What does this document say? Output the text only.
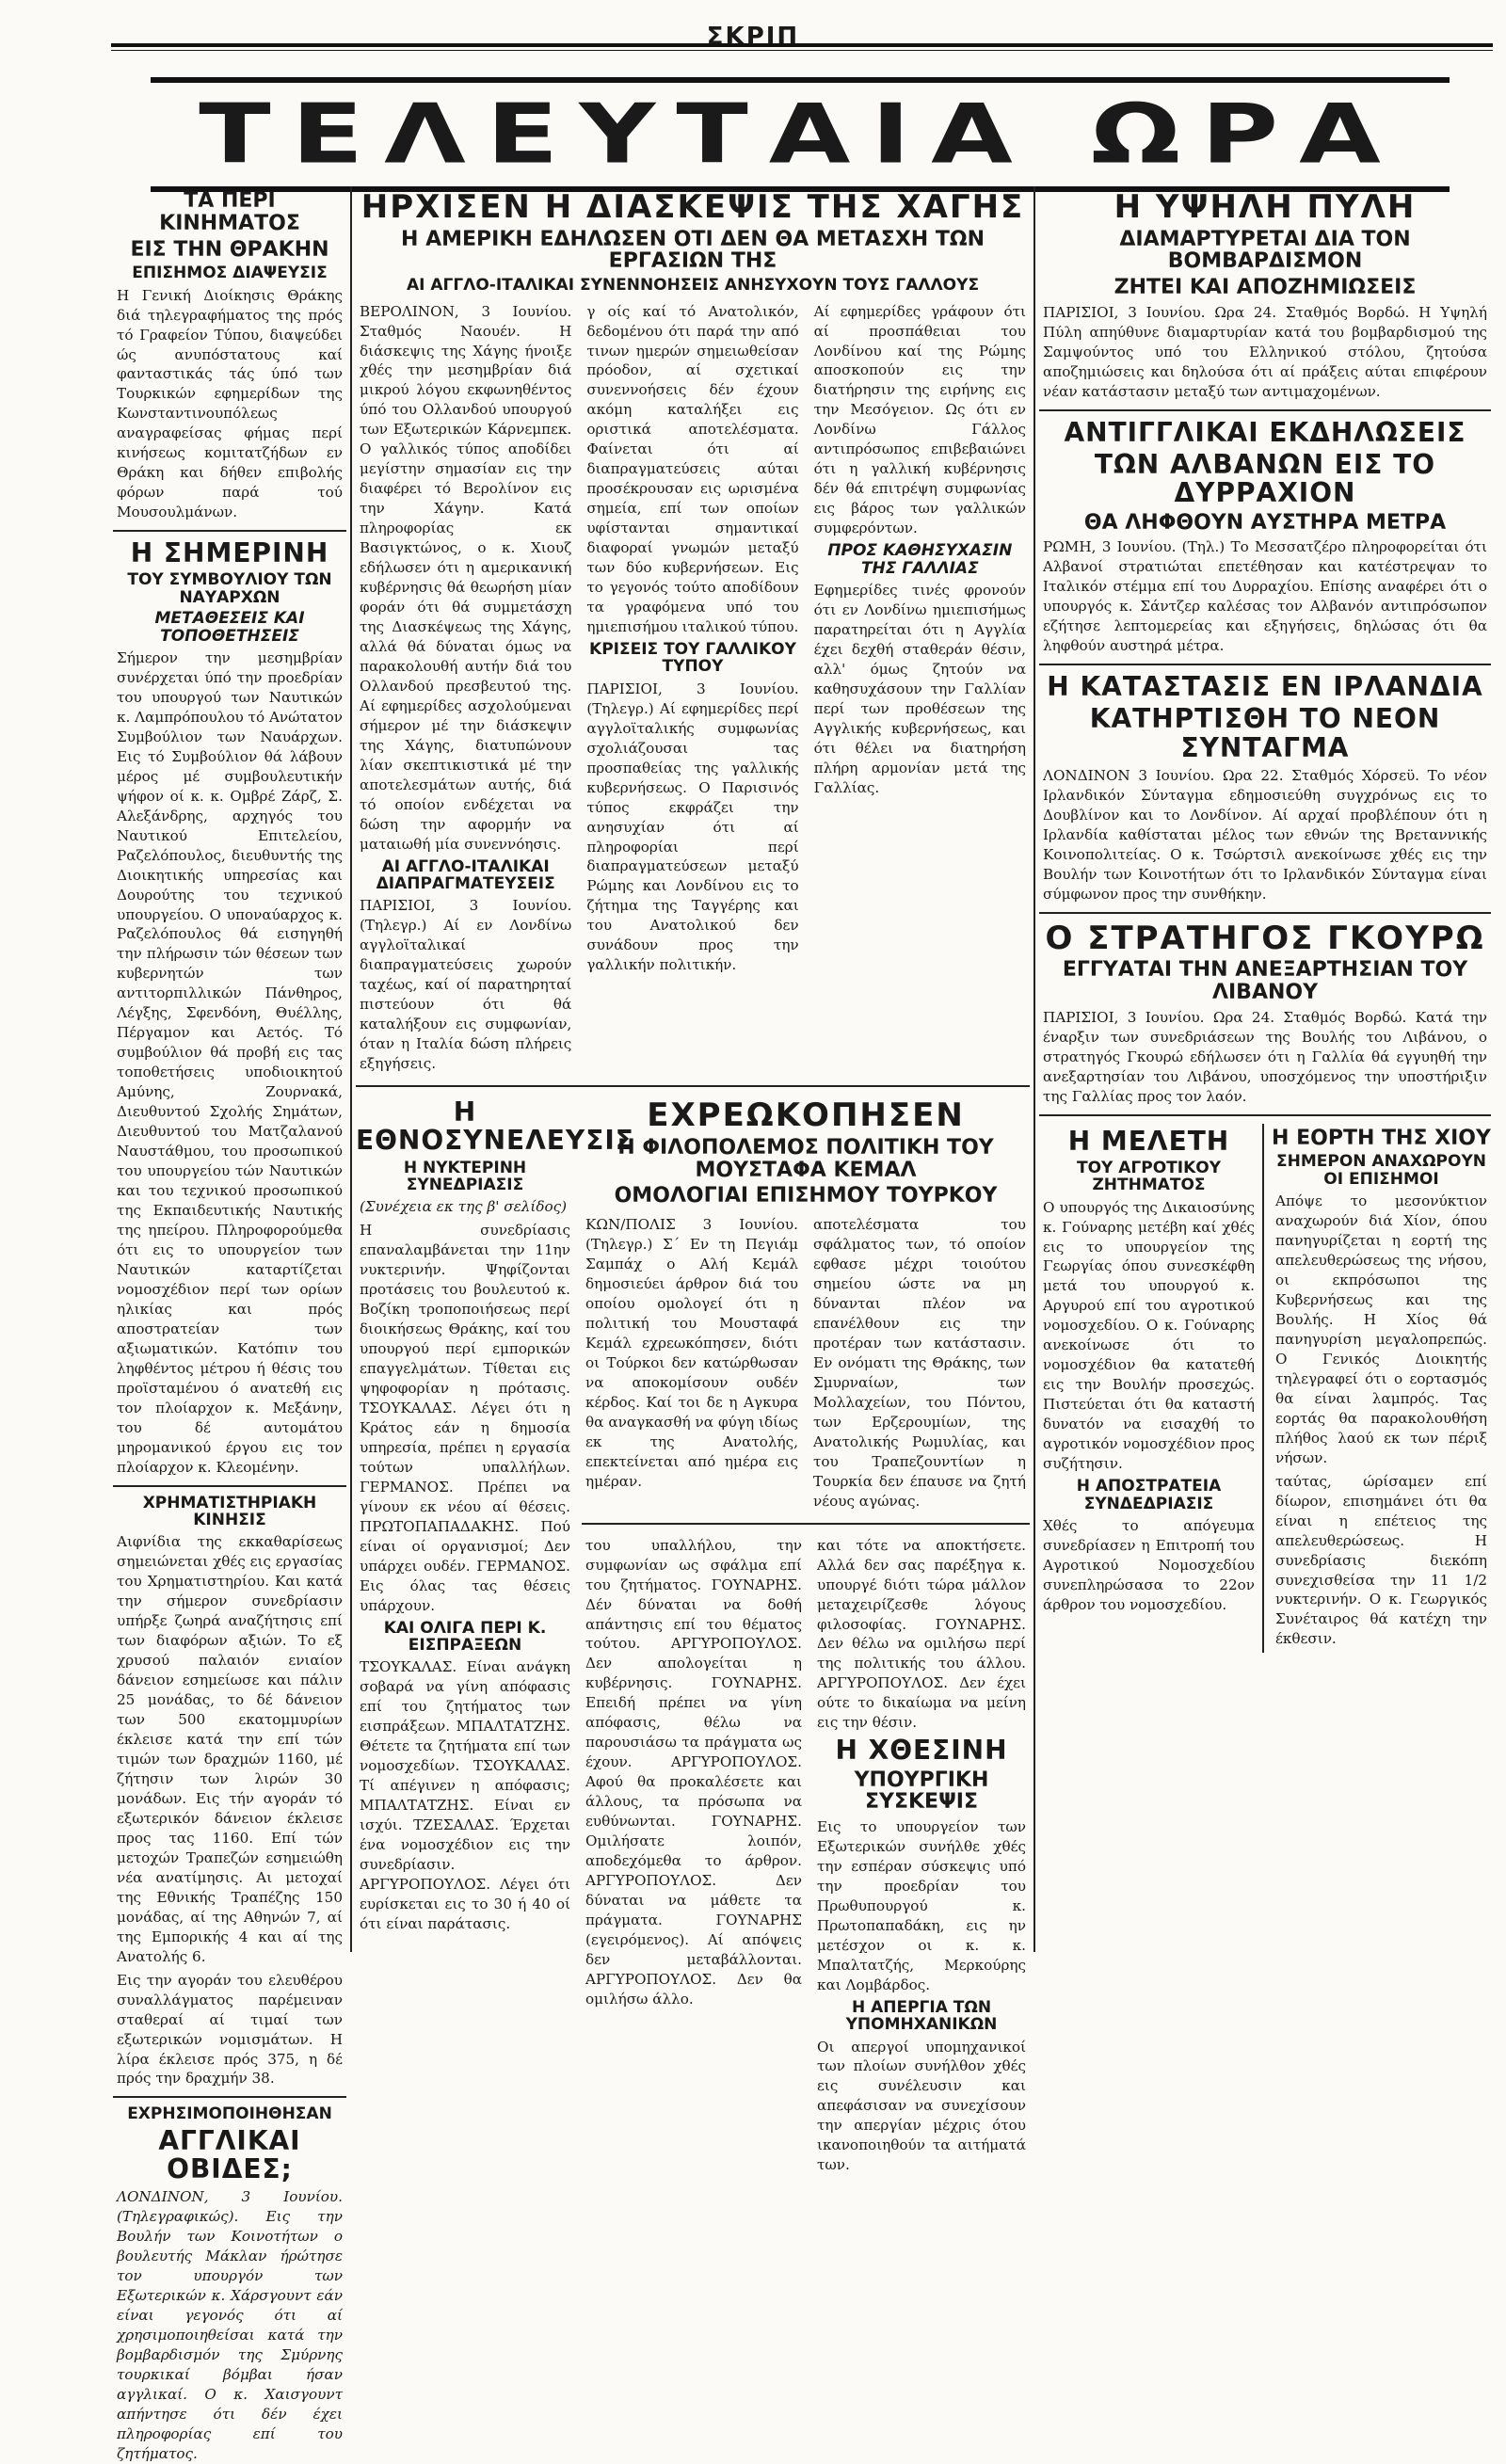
ΣΚΡΙΠ
ΤΕΛΕΥΤΑΙΑ ΩΡΑ
ΤΑ ΠΕΡΙ ΚΙΝΗΜΑΤΟΣ
ΕΙΣ ΤΗΝ ΘΡΑΚΗΝ
ΕΠΙΣΗΜΟΣ ΔΙΑΨΕΥΣΙΣ
Η Γενική Διοίκησις Θράκης διά τηλεγραφήματος της πρός τό Γραφείον Τύπου, διαψεύδει ώς ανυπόστατους καί φανταστικάς τάς ύπό των Τουρκικών εφημερίδων της Κωνσταντινουπόλεως αναγραφείσας φήμας περί κινήσεως κομιτατζήδων εν Θράκη και δήθεν επιβολής φόρων παρά τού Μουσουλμάνων.
Η ΣΗΜΕΡΙΝΗ
ΤΟΥ ΣΥΜΒΟΥΛΙΟΥ ΤΩΝ ΝΑΥΑΡΧΩΝ
ΜΕΤΑΘΕΣΕΙΣ ΚΑΙ ΤΟΠΟΘΕΤΗΣΕΙΣ
Σήμερον την μεσημβρίαν συνέρχεται ύπό την προεδρίαν του υπουργού των Ναυτικών κ. Λαμπρόπουλου τό Ανώτατον Συμβούλιον των Ναυάρχων. Εις τό Συμβούλιον θά λάβουν μέρος μέ συμβουλευτικήν ψήφον οί κ. κ. Ομβρέ Ζάρζ, Σ. Αλεξάνδρης, αρχηγός του Ναυτικού Επιτελείου, Ραζελόπουλος, διευθυντής της Διοικητικής υπηρεσίας και Δουρούτης του τεχνικού υπουργείου. Ο υποναύαρχος κ. Ραζελόπουλος θά εισηγηθή την πλήρωσιν τών θέσεων των κυβερνητών των αντιτορπιλλικών Πάνθηρος, Λέγξης, Σφενδόνη, Θυέλλης, Πέργαμον και Αετός. Τό συμβούλιον θά προβή εις τας τοποθετήσεις υποδιοικητού Αμύνης, Ζουρνακά, Διευθυντού Σχολής Σημάτων, Διευθυντού του Ματζαλανού Ναυστάθμου, του προσωπικού του υπουργείου τών Ναυτικών και του τεχνικού προσωπικού της Εκπαιδευτικής Ναυτικής της ηπείρου. Πληροφορούμεθα ότι εις το υπουργείον των Ναυτικών καταρτίζεται νομοσχέδιον περί των ορίων ηλικίας και πρός αποστρατείαν των αξιωματικών. Κατόπιν του ληφθέντος μέτρου ή θέσις του προϊσταμένου ό ανατεθή εις τον πλοίαρχον κ. Μεξάνην, του δέ αυτομάτου μηρομανικού έργου εις τον πλοίαρχον κ. Κλεομένην.
ΧΡΗΜΑΤΙΣΤΗΡΙΑΚΗ ΚΙΝΗΣΙΣ
Αιφνίδια της εκκαθαρίσεως σημειώνεται χθές εις εργασίας του Χρηματιστηρίου. Και κατά την σήμερον συνεδρίασιν υπήρξε ζωηρά αναζήτησις επί των διαφόρων αξιών. Το εξ χρυσού παλαιόν ενιαίον δάνειον εσημείωσε και πάλιν 25 μονάδας, το δέ δάνειον των 500 εκατομμυρίων έκλεισε κατά την επί τών τιμών των δραχμών 1160, μέ ζήτησιν των λιρών 30 μονάδων. Εις τήν αγοράν τό εξωτερικόν δάνειον έκλεισε προς τας 1160. Επί τών μετοχών Τραπεζών εσημειώθη νέα ανατίμησις. Αι μετοχαί της Εθνικής Τραπέζης 150 μονάδας, αί της Αθηνών 7, αί της Εμπορικής 4 και αί της Ανατολής 6.
Εις την αγοράν του ελευθέρου συναλλάγματος παρέμειναν σταθεραί αί τιμαί των εξωτερικών νομισμάτων. Η λίρα έκλεισε πρός 375, η δέ πρός την δραχμήν 38.
ΕΧΡΗΣΙΜΟΠΟΙΗΘΗΣΑΝ
ΑΓΓΛΙΚΑΙ ΟΒΙΔΕΣ;
ΛΟΝΔΙΝΟΝ, 3 Ιουνίου. (Τηλεγραφικώς). Εις την Βουλήν των Κοινοτήτων ο βουλευτής Μάκλαν ήρώτησε τον υπουργόν των Εξωτερικών κ. Χάρσγουντ εάν είναι γεγονός ότι αί χρησιμοποιηθείσαι κατά την βομβαρδισμόν της Σμύρνης τουρκικαί βόμβαι ήσαν αγγλικαί. Ο κ. Χαισγουντ απήντησε ότι δέν έχει πληροφορίας επί του ζητήματος.
ΗΡΧΙΣΕΝ Η ΔΙΑΣΚΕΨΙΣ ΤΗΣ ΧΑΓΗΣ
Η ΑΜΕΡΙΚΗ ΕΔΗΛΩΣΕΝ ΟΤΙ ΔΕΝ ΘΑ ΜΕΤΑΣΧΗ ΤΩΝ ΕΡΓΑΣΙΩΝ ΤΗΣ
ΑΙ ΑΓΓΛΟ-ΙΤΑΛΙΚΑΙ ΣΥΝΕΝΝΟΗΣΕΙΣ ΑΝΗΣΥΧΟΥΝ ΤΟΥΣ ΓΑΛΛΟΥΣ
ΒΕΡΟΛΙΝΟΝ, 3 Ιουνίου. Σταθμός Ναουέν. Η διάσκεψις της Χάγης ήνοιξε χθές την μεσημβρίαν διά μικρού λόγου εκφωνηθέντος ύπό του Ολλανδού υπουργού των Εξωτερικών Κάρνεμπεκ. Ο γαλλικός τύπος αποδίδει μεγίστην σημασίαν εις την διαφέρει τό Βερολίνον εις την Χάγην. Κατά πληροφορίας εκ Βασιγκτώνος, ο κ. Χιουζ εδήλωσεν ότι η αμερικανική κυβέρνησις θά θεωρήση μίαν φοράν ότι θά συμμετάσχη της Διασκέψεως της Χάγης, αλλά θά δύναται όμως να παρακολουθή αυτήν διά του Ολλανδού πρεσβευτού της. Αί εφημερίδες ασχολούμεναι σήμερον μέ την διάσκεψιν της Χάγης, διατυπώνουν λίαν σκεπτικιστικά μέ την αποτελεσμάτων αυτής, διά τό οποίον ενδέχεται να δώση την αφορμήν να ματαιωθή μία συνεννόησις.
ΑΙ ΑΓΓΛΟ-ΙΤΑΛΙΚΑΙ ΔΙΑΠΡΑΓΜΑΤΕΥΣΕΙΣ
ΠΑΡΙΣΙΟΙ, 3 Ιουνίου. (Τηλεγρ.) Αί εν Λονδίνω αγγλοϊταλικαί διαπραγματεύσεις χωρούν ταχέως, καί οί παρατηρηταί πιστεύουν ότι θά καταλήξουν εις συμφωνίαν, όταν η Ιταλία δώση πλήρεις εξηγήσεις.
γ οίς καί τό Ανατολικόν, δεδομένου ότι παρά την από τινων ημερών σημειωθείσαν πρόοδον, αί σχετικαί συνεννοήσεις δέν έχουν ακόμη καταλήξει εις οριστικά αποτελέσματα. Φαίνεται ότι αί διαπραγματεύσεις αύται προσέκρουσαν εις ωρισμένα σημεία, επί των οποίων υφίστανται σημαντικαί διαφοραί γνωμών μεταξύ των δύο κυβερνήσεων. Εις το γεγονός τούτο αποδίδουν τα γραφόμενα υπό του ημιεπισήμου ιταλικού τύπου.
ΚΡΙΣΕΙΣ ΤΟΥ ΓΑΛΛΙΚΟΥ ΤΥΠΟΥ
ΠΑΡΙΣΙΟΙ, 3 Ιουνίου. (Τηλεγρ.) Αί εφημερίδες περί αγγλοϊταλικής συμφωνίας σχολιάζουσαι τας προσπαθείας της γαλλικής κυβερνήσεως. Ο Παρισινός τύπος εκφράζει την ανησυχίαν ότι αί πληροφορίαι περί διαπραγματεύσεων μεταξύ Ρώμης και Λονδίνου εις το ζήτημα της Ταγγέρης και του Ανατολικού δεν συνάδουν προς την γαλλικήν πολιτικήν.
Αί εφημερίδες γράφουν ότι αί προσπάθειαι του Λονδίνου καί της Ρώμης αποσκοπούν εις την διατήρησιν της ειρήνης εις την Μεσόγειον. Ως ότι εν Λονδίνω Γάλλος αντιπρόσωπος επιβεβαιώνει ότι η γαλλική κυβέρνησις δέν θά επιτρέψη συμφωνίας εις βάρος των γαλλικών συμφερόντων.
ΠΡΟΣ ΚΑΘΗΣΥΧΑΣΙΝ ΤΗΣ ΓΑΛΛΙΑΣ
Εφημερίδες τινές φρονούν ότι εν Λονδίνω ημιεπισήμως παρατηρείται ότι η Αγγλία έχει δεχθή σταθεράν θέσιν, αλλ' όμως ζητούν να καθησυχάσουν την Γαλλίαν περί των προθέσεων της Αγγλικής κυβερνήσεως, και ότι θέλει να διατηρήση πλήρη αρμονίαν μετά της Γαλλίας.
Η ΕΘΝΟΣΥΝΕΛΕΥΣΙΣ
Η ΝΥΚΤΕΡΙΝΗ ΣΥΝΕΔΡΙΑΣΙΣ
(Συνέχεια εκ της β' σελίδος)
Η συνεδρίασις επαναλαμβάνεται την 11ην νυκτερινήν. Ψηφίζονται προτάσεις του βουλευτού κ. Βοζίκη τροποποιήσεως περί διοικήσεως Θράκης, καί του υπουργού περί εμπορικών επαγγελμάτων. Τίθεται εις ψηφοφορίαν η πρότασις. ΤΣΟΥΚΑΛΑΣ. Λέγει ότι η Κράτος εάν η δημοσία υπηρεσία, πρέπει η εργασία τούτων υπαλλήλων. ΓΕΡΜΑΝΟΣ. Πρέπει να γίνουν εκ νέου αί θέσεις. ΠΡΩΤΟΠΑΠΑΔΑΚΗΣ. Πού είναι οί οργανισμοί; Δεν υπάρχει ουδέν. ΓΕΡΜΑΝΟΣ. Εις όλας τας θέσεις υπάρχουν.
ΚΑΙ ΟΛΙΓΑ ΠΕΡΙ Κ. ΕΙΣΠΡΑΞΕΩΝ
ΤΣΟΥΚΑΛΑΣ. Είναι ανάγκη σοβαρά να γίνη απόφασις επί του ζητήματος των εισπράξεων. ΜΠΑΛΤΑΤΖΗΣ. Θέτετε τα ζητήματα επί των νομοσχεδίων. ΤΣΟΥΚΑΛΑΣ. Τί απέγινεν η απόφασις; ΜΠΑΛΤΑΤΖΗΣ. Είναι εν ισχύι. ΤΖΕΣΑΛΑΣ. Έρχεται ένα νομοσχέδιον εις την συνεδρίασιν. ΑΡΓΥΡΟΠΟΥΛΟΣ. Λέγει ότι ευρίσκεται εις το 30 ή 40 οί ότι είναι παράτασις.
ΕΧΡΕΩΚΟΠΗΣΕΝ
Η ΦΙΛΟΠΟΛΕΜΟΣ ΠΟΛΙΤΙΚΗ ΤΟΥ ΜΟΥΣΤΑΦΑ ΚΕΜΑΛ
ΟΜΟΛΟΓΙΑΙ ΕΠΙΣΗΜΟΥ ΤΟΥΡΚΟΥ
ΚΩΝ/ΠΟΛΙΣ 3 Ιουνίου. (Τηλεγρ.) Σ΄ Εν τη Πεγιάμ Σαμπάχ ο Αλή Κεμάλ δημοσιεύει άρθρον διά του οποίου ομολογεί ότι η πολιτική του Μουσταφά Κεμάλ εχρεωκόπησεν, διότι οι Τούρκοι δεν κατώρθωσαν να αποκομίσουν ουδέν κέρδος. Καί τοι δε η Αγκυρα θα αναγκασθή να φύγη ιδίως εκ της Ανατολής, επεκτείνεται από ημέρα εις ημέραν.
αποτελέσματα του σφάλματος των, τό οποίον εφθασε μέχρι τοιούτου σημείου ώστε να μη δύνανται πλέον να επανέλθουν εις την προτέραν των κατάστασιν. Εν ονόματι της Θράκης, των Σμυρναίων, των Μολλαχείων, του Πόντου, των Ερζερουμίων, της Ανατολικής Ρωμυλίας, και του Τραπεζουντίων η Τουρκία δεν έπαυσε να ζητή νέους αγώνας.
του υπαλλήλου, την συμφωνίαν ως σφάλμα επί του ζητήματος. ΓΟΥΝΑΡΗΣ. Δέν δύναται να δοθή απάντησις επί του θέματος τούτου. ΑΡΓΥΡΟΠΟΥΛΟΣ. Δεν απολογείται η κυβέρνησις. ΓΟΥΝΑΡΗΣ. Επειδή πρέπει να γίνη απόφασις, θέλω να παρουσιάσω τα πράγματα ως έχουν. ΑΡΓΥΡΟΠΟΥΛΟΣ. Αφού θα προκαλέσετε και άλλους, τα πρόσωπα να ευθύνωνται. ΓΟΥΝΑΡΗΣ. Ομιλήσατε λοιπόν, αποδεχόμεθα το άρθρον. ΑΡΓΥΡΟΠΟΥΛΟΣ. Δεν δύναται να μάθετε τα πράγματα. ΓΟΥΝΑΡΗΣ (εγειρόμενος). Αί απόψεις δεν μεταβάλλονται. ΑΡΓΥΡΟΠΟΥΛΟΣ. Δεν θα ομιλήσω άλλο.
και τότε να αποκτήσετε. Αλλά δεν σας παρέξηγα κ. υπουργέ διότι τώρα μάλλον μεταχειρίζεσθε λόγους φιλοσοφίας. ΓΟΥΝΑΡΗΣ. Δεν θέλω να ομιλήσω περί της πολιτικής του άλλου. ΑΡΓΥΡΟΠΟΥΛΟΣ. Δεν έχει ούτε το δικαίωμα να μείνη εις την θέσιν.
Η ΧΘΕΣΙΝΗ
ΥΠΟΥΡΓΙΚΗ ΣΥΣΚΕΨΙΣ
Εις το υπουργείον των Εξωτερικών συνήλθε χθές την εσπέραν σύσκεψις υπό την προεδρίαν του Πρωθυπουργού κ. Πρωτοπαπαδάκη, εις ην μετέσχον οι κ. κ. Μπαλτατζής, Μερκούρης και Λομβάρδος.
Η ΑΠΕΡΓΙΑ ΤΩΝ ΥΠΟΜΗΧΑΝΙΚΩΝ
Οι απεργοί υπομηχανικοί των πλοίων συνήλθον χθές εις συνέλευσιν και απεφάσισαν να συνεχίσουν την απεργίαν μέχρις ότου ικανοποιηθούν τα αιτήματά των.
Η ΥΨΗΛΗ ΠΥΛΗ
ΔΙΑΜΑΡΤΥΡΕΤΑΙ ΔΙΑ ΤΟΝ ΒΟΜΒΑΡΔΙΣΜΟΝ
ΖΗΤΕΙ ΚΑΙ ΑΠΟΖΗΜΙΩΣΕΙΣ
ΠΑΡΙΣΙΟΙ, 3 Ιουνίου. Ωρα 24. Σταθμός Βορδώ. Η Υψηλή Πύλη απηύθυνε διαμαρτυρίαν κατά του βομβαρδισμού της Σαμψούντος υπό του Ελληνικού στόλου, ζητούσα αποζημιώσεις και δηλούσα ότι αί πράξεις αύται επιφέρουν νέαν κατάστασιν μεταξύ των αντιμαχομένων.
ΑΝΤΙΓΓΛΙΚΑΙ ΕΚΔΗΛΩΣΕΙΣ
ΤΩΝ ΑΛΒΑΝΩΝ ΕΙΣ ΤΟ ΔΥΡΡΑΧΙΟΝ
ΘΑ ΛΗΦΘΟΥΝ ΑΥΣΤΗΡΑ ΜΕΤΡΑ
ΡΩΜΗ, 3 Ιουνίου. (Τηλ.) Το Μεσσατζέρο πληροφορείται ότι Αλβανοί στρατιώται επετέθησαν και κατέστρεψαν το Ιταλικόν στέμμα επί του Δυρραχίου. Επίσης αναφέρει ότι ο υπουργός κ. Σάντζερ καλέσας τον Αλβανόν αντιπρόσωπον εζήτησε λεπτομερείας και εξηγήσεις, δηλώσας ότι θα ληφθούν αυστηρά μέτρα.
Η ΚΑΤΑΣΤΑΣΙΣ ΕΝ ΙΡΛΑΝΔΙΑ
ΚΑΤΗΡΤΙΣΘΗ ΤΟ ΝΕΟΝ ΣΥΝΤΑΓΜΑ
ΛΟΝΔΙΝΟΝ 3 Ιουνίου. Ωρα 22. Σταθμός Χόρσεϋ. Το νέον Ιρλανδικόν Σύνταγμα εδημοσιεύθη συγχρόνως εις το Δουβλίνον και το Λονδίνον. Αί αρχαί προβλέπουν ότι η Ιρλανδία καθίσταται μέλος των εθνών της Βρεταννικής Κοινοπολιτείας. Ο κ. Τσώρτσιλ ανεκοίνωσε χθές εις την Βουλήν των Κοινοτήτων ότι το Ιρλανδικόν Σύνταγμα είναι σύμφωνον προς την συνθήκην.
Ο ΣΤΡΑΤΗΓΟΣ ΓΚΟΥΡΩ
ΕΓΓΥΑΤΑΙ ΤΗΝ ΑΝΕΞΑΡΤΗΣΙΑΝ ΤΟΥ ΛΙΒΑΝΟΥ
ΠΑΡΙΣΙΟΙ, 3 Ιουνίου. Ωρα 24. Σταθμός Βορδώ. Κατά την έναρξιν των συνεδριάσεων της Βουλής του Λιβάνου, ο στρατηγός Γκουρώ εδήλωσεν ότι η Γαλλία θά εγγυηθή την ανεξαρτησίαν του Λιβάνου, υποσχόμενος την υποστήριξιν της Γαλλίας προς τον λαόν.
Η ΜΕΛΕΤΗ
ΤΟΥ ΑΓΡΟΤΙΚΟΥ ΖΗΤΗΜΑΤΟΣ
Ο υπουργός της Δικαιοσύνης κ. Γούναρης μετέβη καί χθές εις το υπουργείον της Γεωργίας όπου συνεσκέφθη μετά του υπουργού κ. Αργυρού επί του αγροτικού νομοσχεδίου. Ο κ. Γούναρης ανεκοίνωσε ότι το νομοσχέδιον θα κατατεθή εις την Βουλήν προσεχώς. Πιστεύεται ότι θα καταστή δυνατόν να εισαχθή το αγροτικόν νομοσχέδιον προς συζήτησιν.
Η ΑΠΟΣΤΡΑΤΕΙΑ ΣΥΝΔΕΔΡΙΑΣΙΣ
Χθές το απόγευμα συνεδρίασεν η Επιτροπή του Αγροτικού Νομοσχεδίου συνεπληρώσασα το 22ον άρθρον του νομοσχεδίου.
Η ΕΟΡΤΗ ΤΗΣ ΧΙΟΥ
ΣΗΜΕΡΟΝ ΑΝΑΧΩΡΟΥΝ ΟΙ ΕΠΙΣΗΜΟΙ
Απόψε το μεσονύκτιον αναχωρούν διά Χίον, όπου πανηγυρίζεται η εορτή της απελευθερώσεως της νήσου, οι εκπρόσωποι της Κυβερνήσεως και της Βουλής. Η Χίος θά πανηγυρίση μεγαλοπρεπώς. Ο Γενικός Διοικητής τηλεγραφεί ότι ο εορτασμός θα είναι λαμπρός. Τας εορτάς θα παρακολουθήση πλήθος λαού εκ των πέριξ νήσων.
ταύτας, ώρίσαμεν επί δίωρον, επισημάνει ότι θα είναι η επέτειος της απελευθερώσεως. Η συνεδρίασις διεκόπη συνεχισθείσα την 11 1/2 νυκτερινήν. Ο κ. Γεωργικός Συνέταιρος θά κατέχη την έκθεσιν.
